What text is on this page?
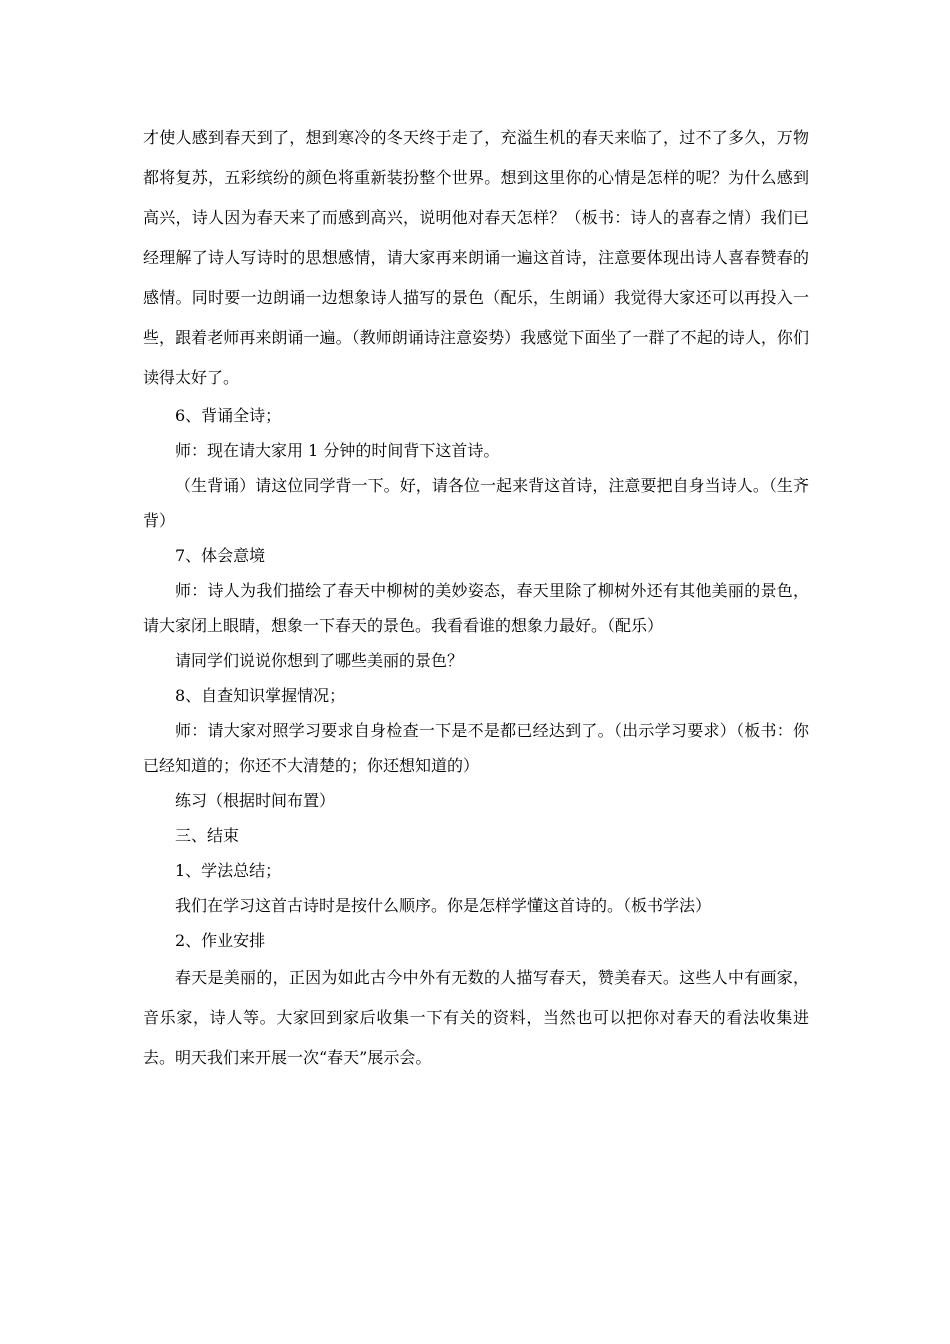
才使人感到春天到了，想到寒冷的冬天终于走了，充溢生机的春天来临了，过不了多久，万物都将复苏，五彩缤纷的颜色将重新装扮整个世界。想到这里你的心情是怎样的呢？为什么感到高兴，诗人因为春天来了而感到高兴，说明他对春天怎样？（板书：诗人的喜春之情）我们已经理解了诗人写诗时的思想感情，请大家再来朗诵一遍这首诗，注意要体现出诗人喜春赞春的感情。同时要一边朗诵一边想象诗人描写的景色（配乐，生朗诵）我觉得大家还可以再投入一些，跟着老师再来朗诵一遍。（教师朗诵诗注意姿势）我感觉下面坐了一群了不起的诗人，你们读得太好了。

6、背诵全诗；

师：现在请大家用 1 分钟的时间背下这首诗。

（生背诵）请这位同学背一下。好，请各位一起来背这首诗，注意要把自身当诗人。（生齐背）

7、体会意境

师：诗人为我们描绘了春天中柳树的美妙姿态，春天里除了柳树外还有其他美丽的景色，请大家闭上眼睛，想象一下春天的景色。我看看谁的想象力最好。（配乐）

请同学们说说你想到了哪些美丽的景色？

8、自查知识掌握情况；

师：请大家对照学习要求自身检查一下是不是都已经达到了。（出示学习要求）（板书：你已经知道的；你还不大清楚的；你还想知道的）

练习（根据时间布置）

三、结束

1、学法总结；

我们在学习这首古诗时是按什么顺序。你是怎样学懂这首诗的。（板书学法）

2、作业安排

春天是美丽的，正因为如此古今中外有无数的人描写春天，赞美春天。这些人中有画家，音乐家，诗人等。大家回到家后收集一下有关的资料，当然也可以把你对春天的看法收集进去。明天我们来开展一次“春天”展示会。
